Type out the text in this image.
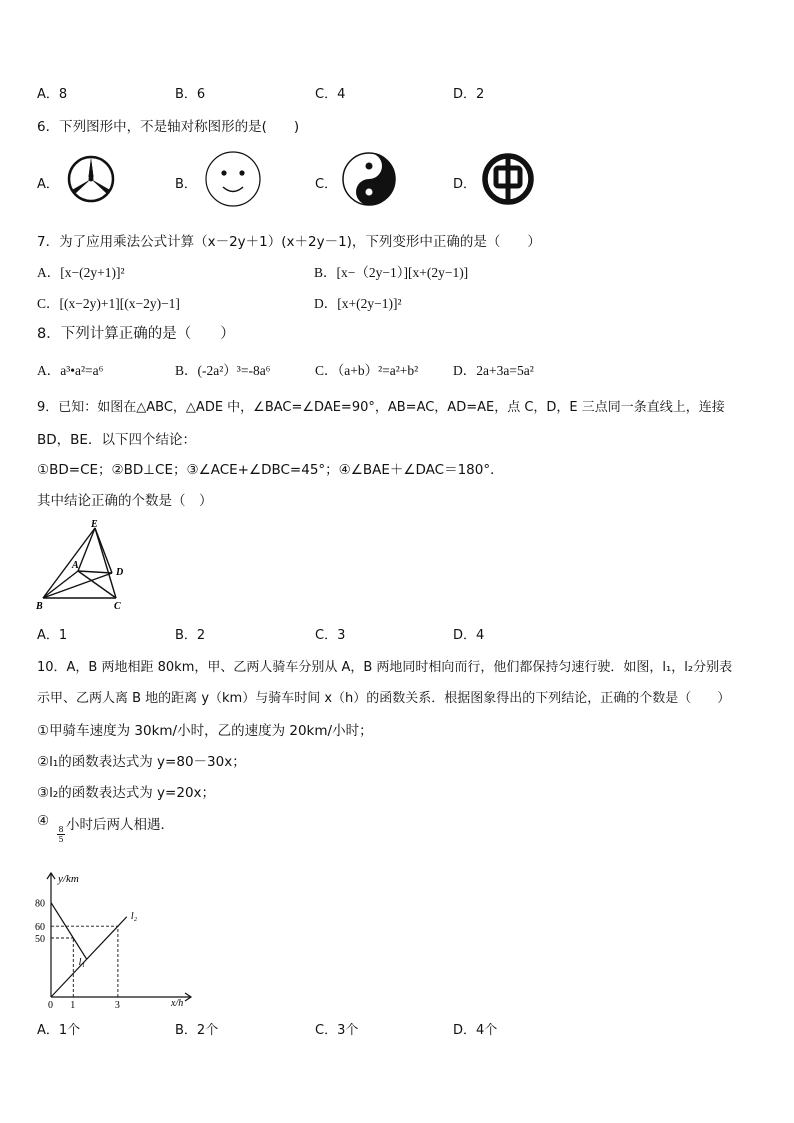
A．8	B．6	C．4	D．2
6．下列图形中，不是轴对称图形的是(　　)
A．	B．	C．	D．
7．为了应用乘法公式计算（x－2y＋1）(x＋2y－1)，下列变形中正确的是（　　）
A．[x−(2y+1)]²	B．[x−（2y−1）][x+(2y−1)]
C．[(x−2y)+1][(x−2y)−1]	D．[x+(2y−1)]²
8．下列计算正确的是（　　）
A．a³•a²=a⁶	B．(-2a²）³=-8a⁶	C．（a+b）²=a²+b²	D．2a+3a=5a²
9．已知：如图在△ABC，△ADE 中，∠BAC=∠DAE=90°，AB=AC，AD=AE，点 C，D，E 三点同一条直线上，连接
BD，BE．以下四个结论：
①BD=CE；②BD⊥CE；③∠ACE+∠DBC=45°；④∠BAE＋∠DAC＝180°．
其中结论正确的个数是（　）
E
A
D
B	C
A．1	B．2	C．3	D．4
10．A，B 两地相距 80km，甲、乙两人骑车分别从 A，B 两地同时相向而行，他们都保持匀速行驶．如图，l₁，l₂分别表
示甲、乙两人离 B 地的距离 y（km）与骑车时间 x（h）的函数关系．根据图象得出的下列结论，正确的个数是（　　）
①甲骑车速度为 30km/小时，乙的速度为 20km/小时；
②l₁的函数表达式为 y=80－30x；
③l₂的函数表达式为 y=20x；
④
8
5
小时后两人相遇．
y/km
x/h
80
60
50
0 1	3
l₁
l₂
A．1个	B．2个	C．3个	D．4个
